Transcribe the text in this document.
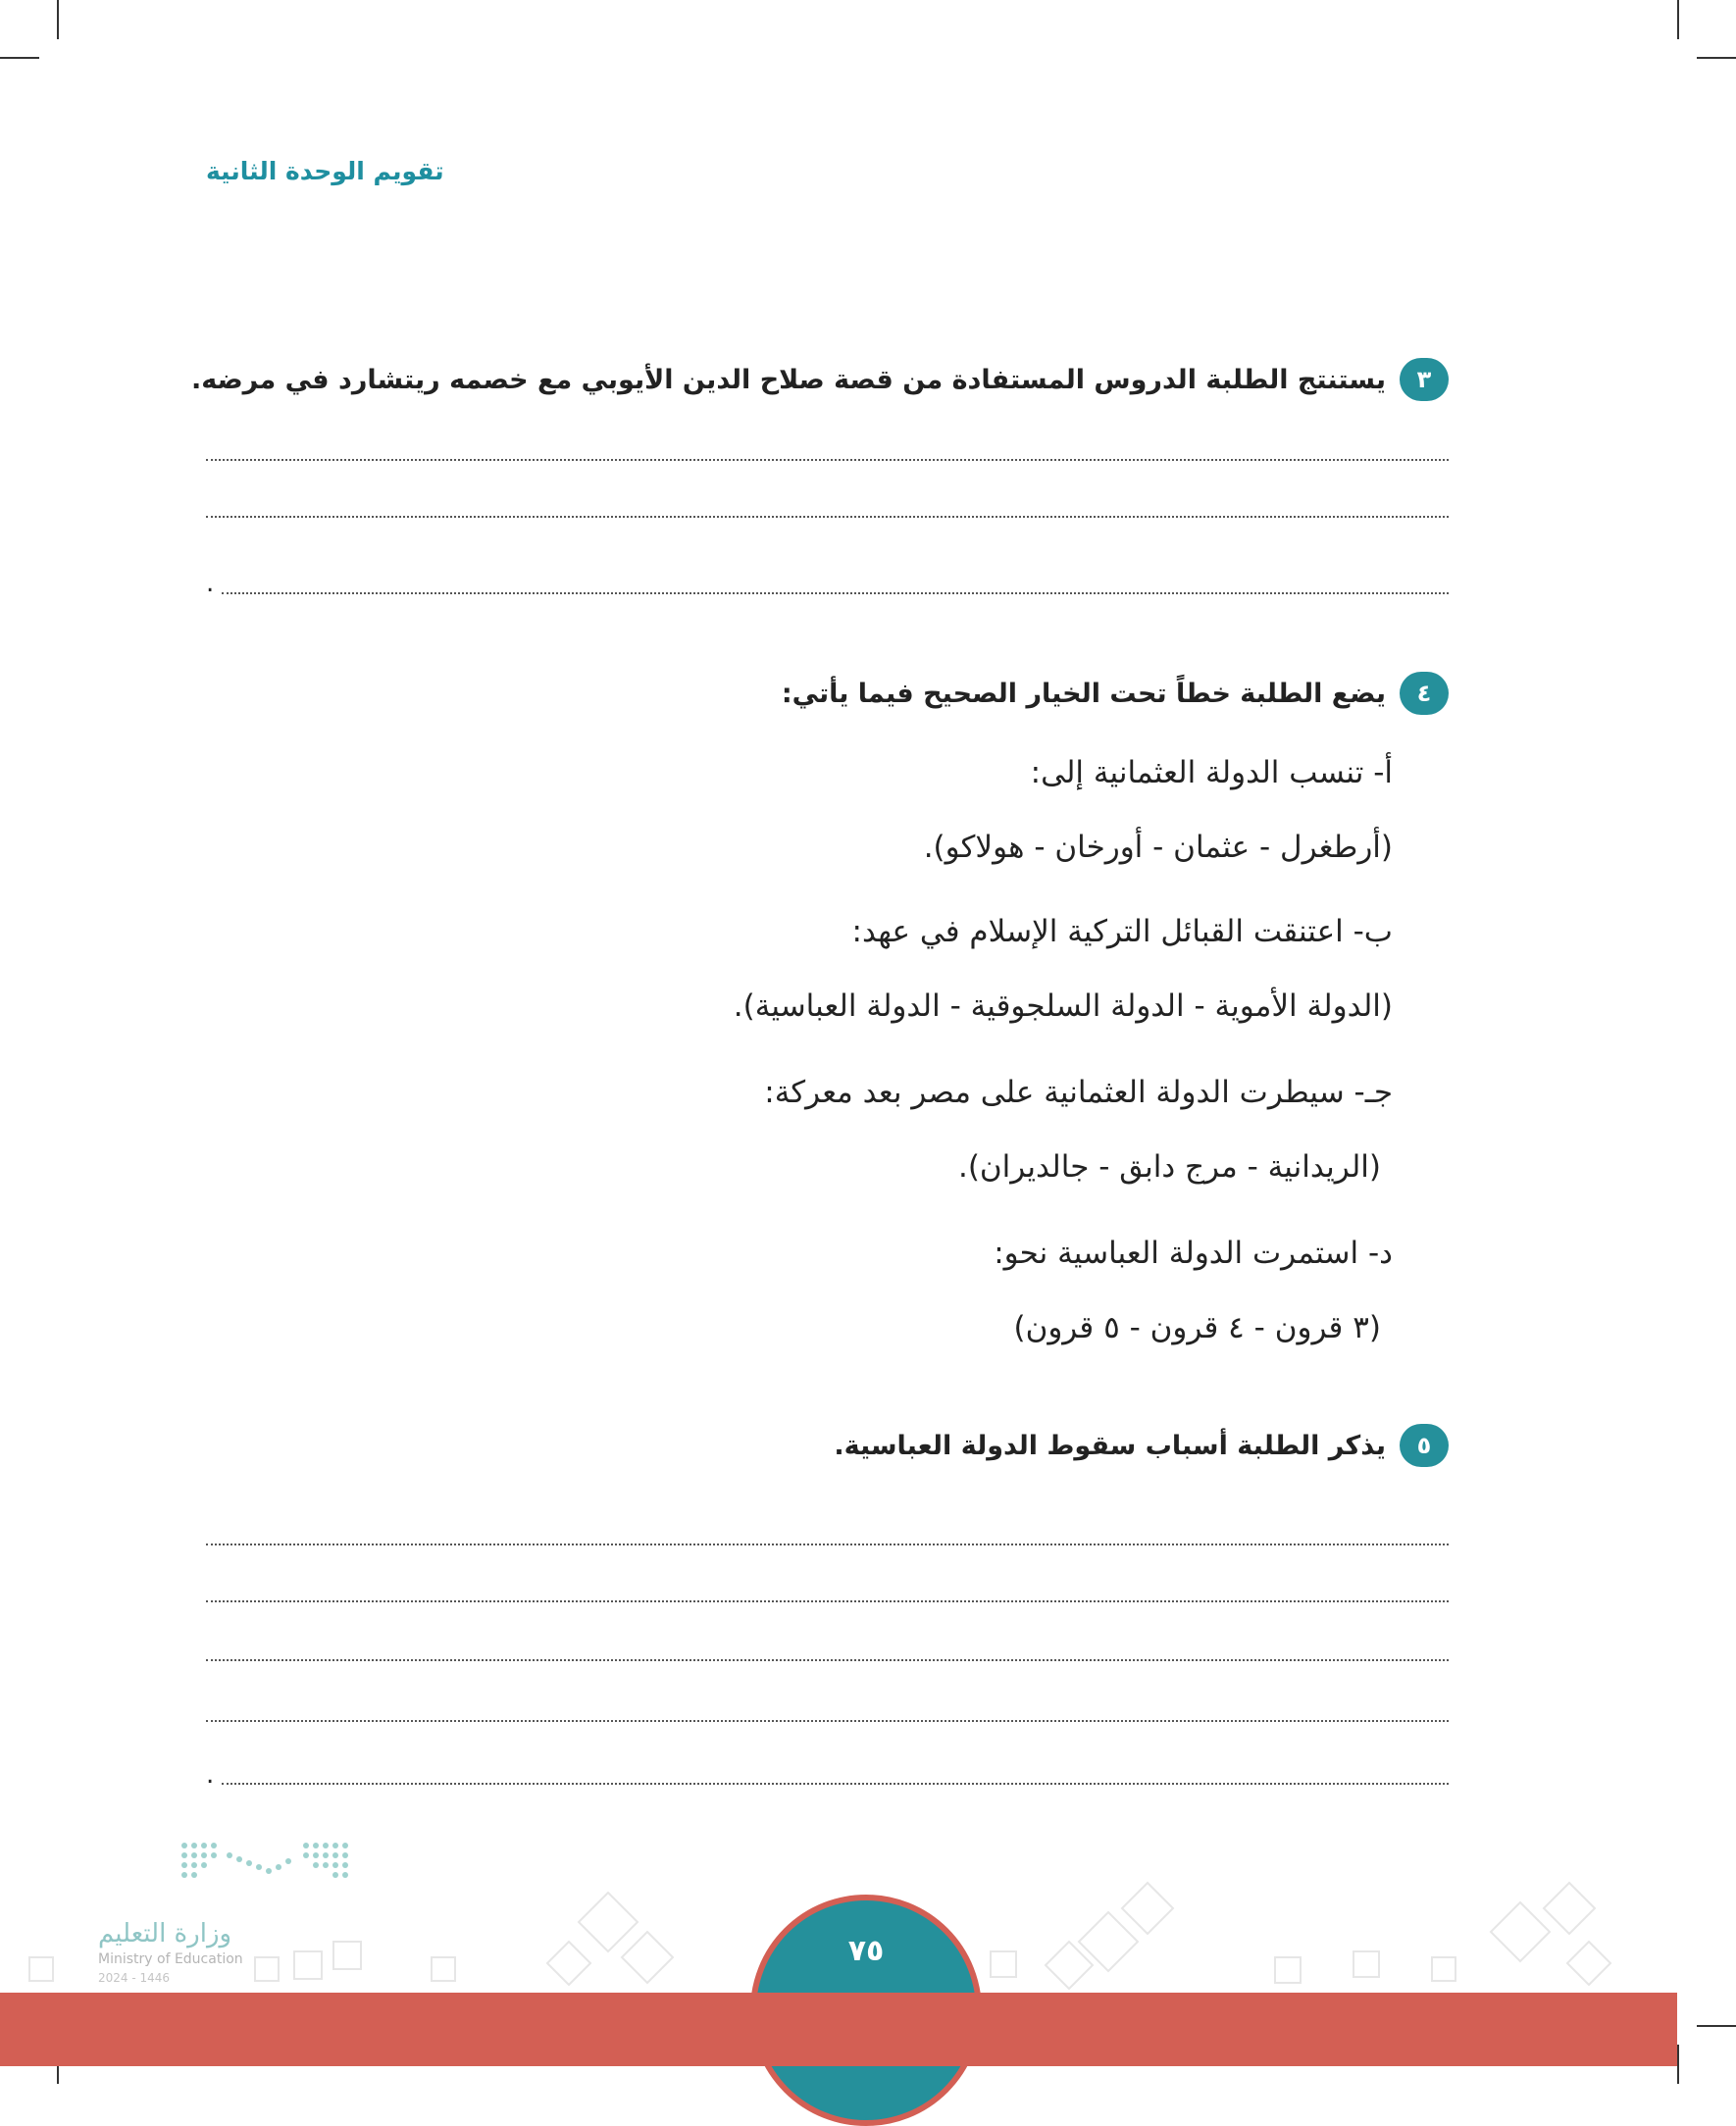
تقويم الوحدة الثانية
٣
يستنتج الطلبة الدروس المستفادة من قصة صلاح الدين الأيوبي مع خصمه ريتشارد في مرضه.
.
٤
يضع الطلبة خطاً تحت الخيار الصحيح فيما يأتي:
أ- تنسب الدولة العثمانية إلى:
(أرطغرل - عثمان - أورخان - هولاكو).
ب- اعتنقت القبائل التركية الإسلام في عهد:
(الدولة الأموية - الدولة السلجوقية - الدولة العباسية).
جـ- سيطرت الدولة العثمانية على مصر بعد معركة:
(الريدانية - مرج دابق - جالديران).
د- استمرت الدولة العباسية نحو:
(٣ قرون - ٤ قرون - ٥ قرون)
٥
يذكر الطلبة أسباب سقوط الدولة العباسية.
.
وزارة التعليم
Ministry of Education
2024 - 1446
٧٥
